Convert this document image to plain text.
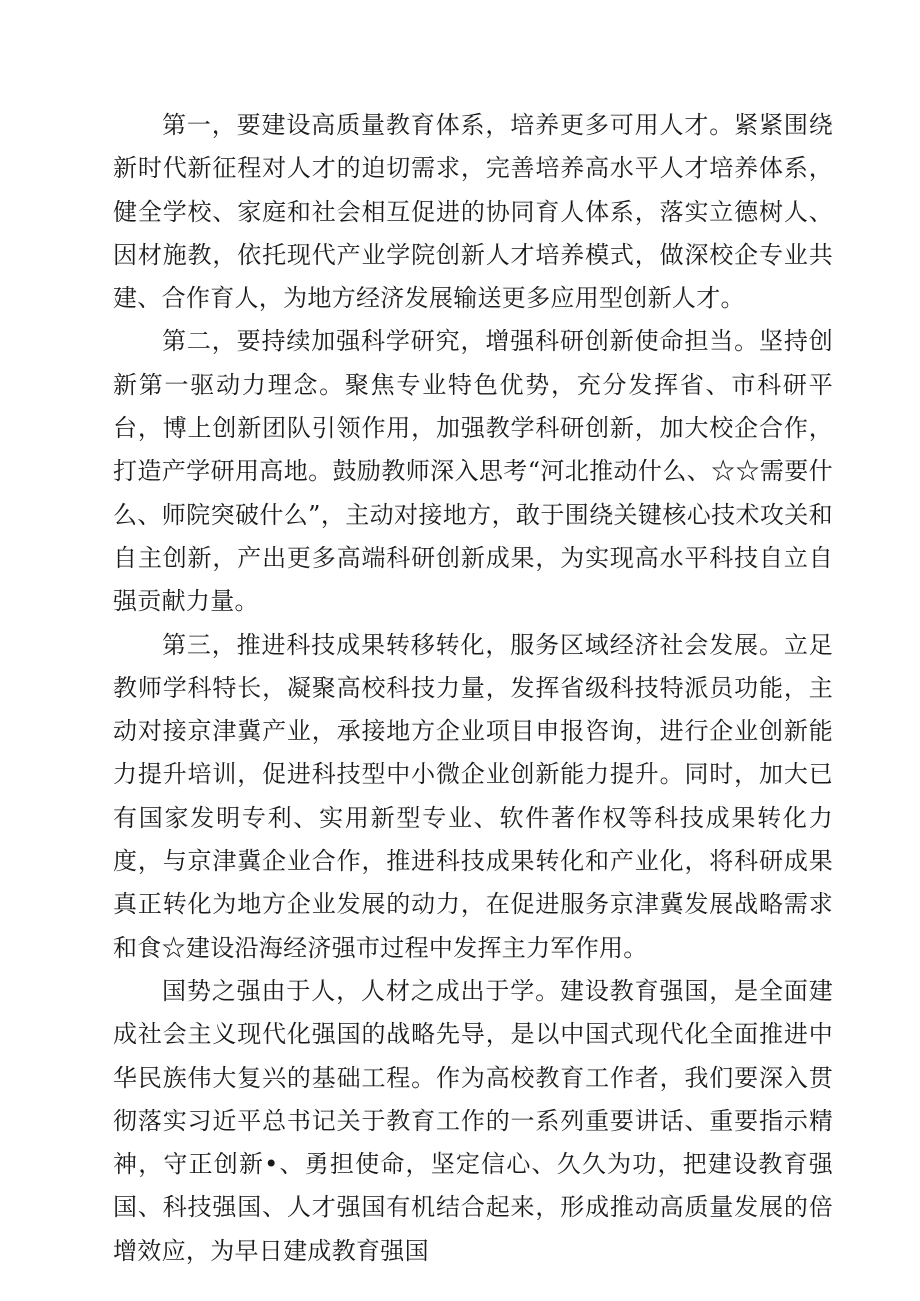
第一，要建设高质量教育体系，培养更多可用人才。紧紧围绕新时代新征程对人才的迫切需求，完善培养高水平人才培养体系，健全学校、家庭和社会相互促进的协同育人体系，落实立德树人、因材施教，依托现代产业学院创新人才培养模式，做深校企专业共建、合作育人，为地方经济发展输送更多应用型创新人才。

第二，要持续加强科学研究，增强科研创新使命担当。坚持创新第一驱动力理念。聚焦专业特色优势，充分发挥省、市科研平台，博上创新团队引领作用，加强教学科研创新，加大校企合作，打造产学研用高地。鼓励教师深入思考“河北推动什么、☆☆需要什么、师院突破什么”，主动对接地方，敢于围绕关键核心技术攻关和自主创新，产出更多高端科研创新成果，为实现高水平科技自立自强贡献力量。

第三，推进科技成果转移转化，服务区域经济社会发展。立足教师学科特长，凝聚高校科技力量，发挥省级科技特派员功能，主动对接京津冀产业，承接地方企业项目申报咨询，进行企业创新能力提升培训，促进科技型中小微企业创新能力提升。同时，加大已有国家发明专利、实用新型专业、软件著作权等科技成果转化力度，与京津冀企业合作，推进科技成果转化和产业化，将科研成果真正转化为地方企业发展的动力，在促进服务京津冀发展战略需求和食☆建设沿海经济强市过程中发挥主力军作用。

国势之强由于人，人材之成出于学。建设教育强国，是全面建成社会主义现代化强国的战略先导，是以中国式现代化全面推进中华民族伟大复兴的基础工程。作为高校教育工作者，我们要深入贯彻落实习近平总书记关于教育工作的一系列重要讲话、重要指示精神，守正创新•、勇担使命，坚定信心、久久为功，把建设教育强国、科技强国、人才强国有机结合起来，形成推动高质量发展的倍增效应，为早日建成教育强国
